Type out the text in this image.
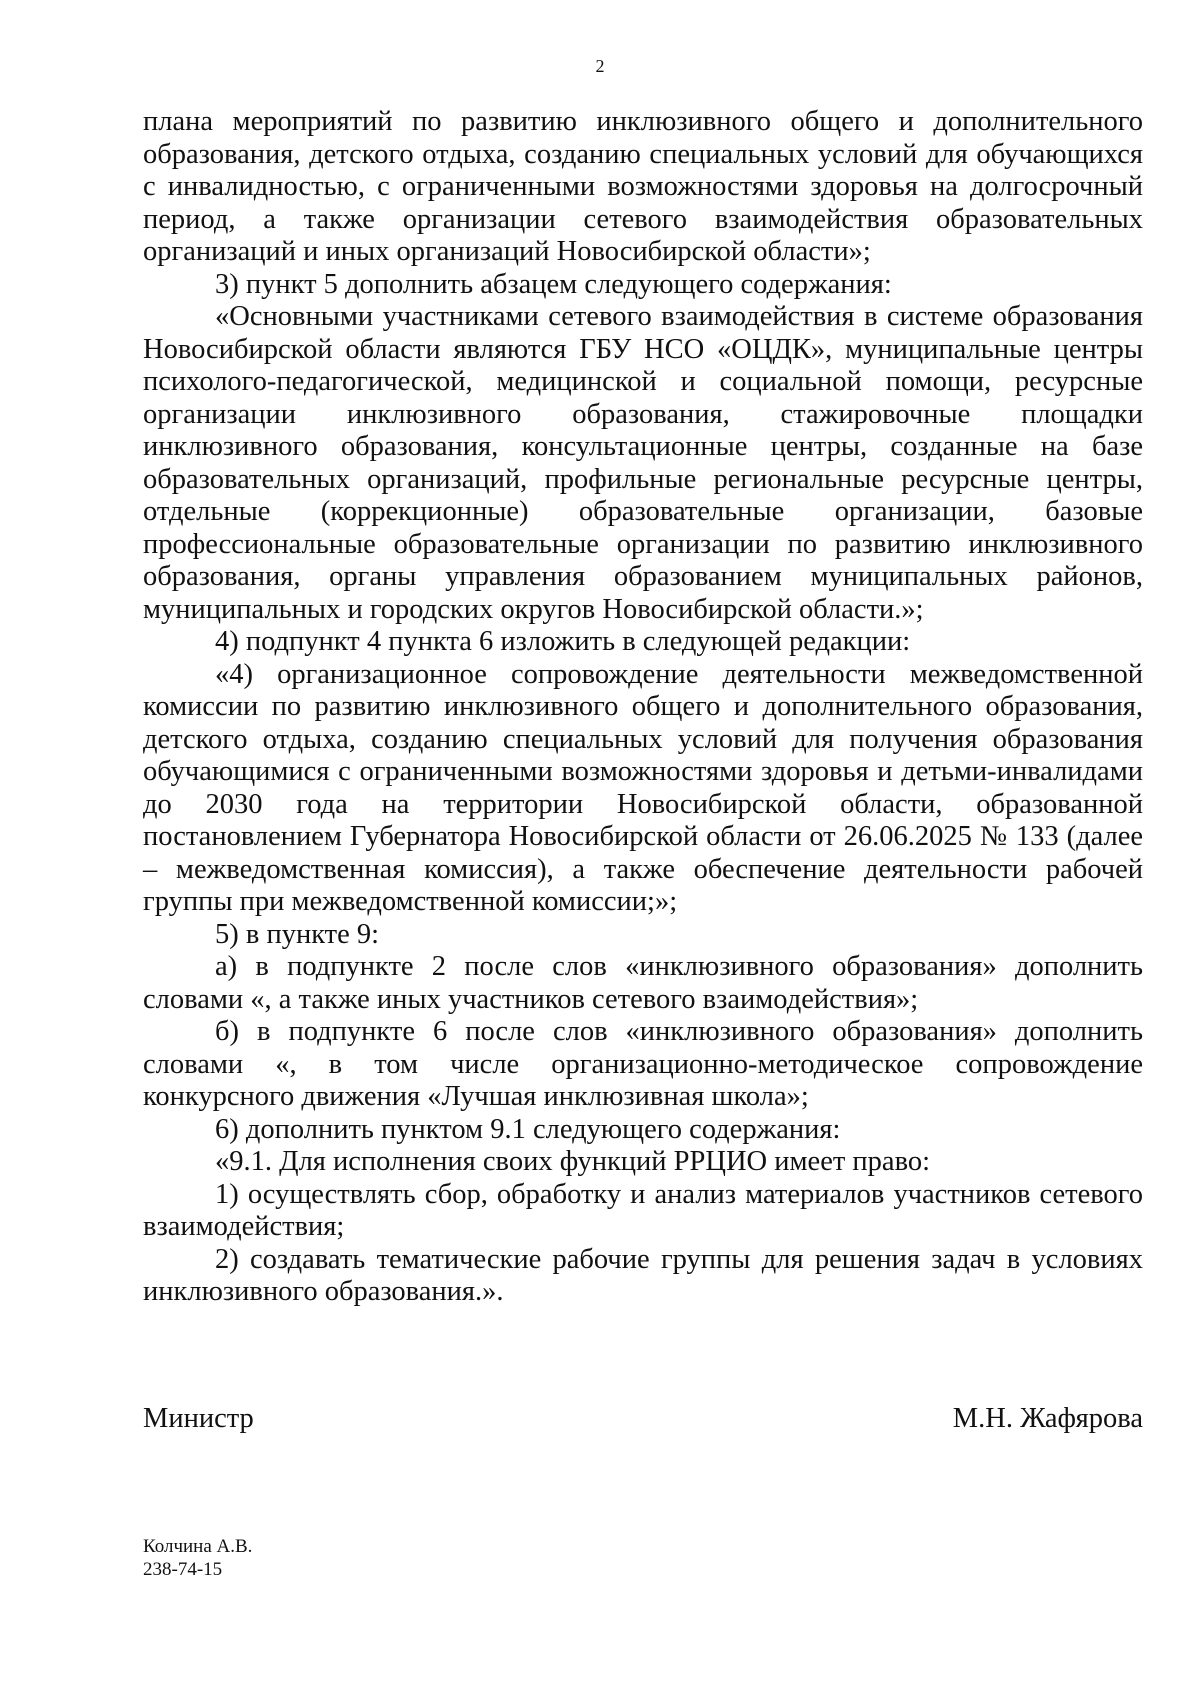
2

плана мероприятий по развитию инклюзивного общего и дополнительного образования, детского отдыха, созданию специальных условий для обучающихся с инвалидностью, с ограниченными возможностями здоровья на долгосрочный период, а также организации сетевого взаимодействия образовательных организаций и иных организаций Новосибирской области»;

3) пункт 5 дополнить абзацем следующего содержания:

«Основными участниками сетевого взаимодействия в системе образования Новосибирской области являются ГБУ НСО «ОЦДК», муниципальные центры психолого-педагогической, медицинской и социальной помощи, ресурсные организации инклюзивного образования, стажировочные площадки инклюзивного образования, консультационные центры, созданные на базе образовательных организаций, профильные региональные ресурсные центры, отдельные (коррекционные) образовательные организации, базовые профессиональные образовательные организации по развитию инклюзивного образования, органы управления образованием муниципальных районов, муниципальных и городских округов Новосибирской области.»;

4) подпункт 4 пункта 6 изложить в следующей редакции:

«4) организационное сопровождение деятельности межведомственной комиссии по развитию инклюзивного общего и дополнительного образования, детского отдыха, созданию специальных условий для получения образования обучающимися с ограниченными возможностями здоровья и детьми-инвалидами до 2030 года на территории Новосибирской области, образованной постановлением Губернатора Новосибирской области от 26.06.2025 № 133 (далее – межведомственная комиссия), а также обеспечение деятельности рабочей группы при межведомственной комиссии;»;

5) в пункте 9:

а) в подпункте 2 после слов «инклюзивного образования» дополнить словами «, а также иных участников сетевого взаимодействия»;

б) в подпункте 6 после слов «инклюзивного образования» дополнить словами «, в том числе организационно-методическое сопровождение конкурсного движения «Лучшая инклюзивная школа»;

6) дополнить пунктом 9.1 следующего содержания:

«9.1. Для исполнения своих функций РРЦИО имеет право:

1) осуществлять сбор, обработку и анализ материалов участников сетевого взаимодействия;

2) создавать тематические рабочие группы для решения задач в условиях инклюзивного образования.».

Министр	М.Н. Жафярова
Колчина А.В.
238-74-15
